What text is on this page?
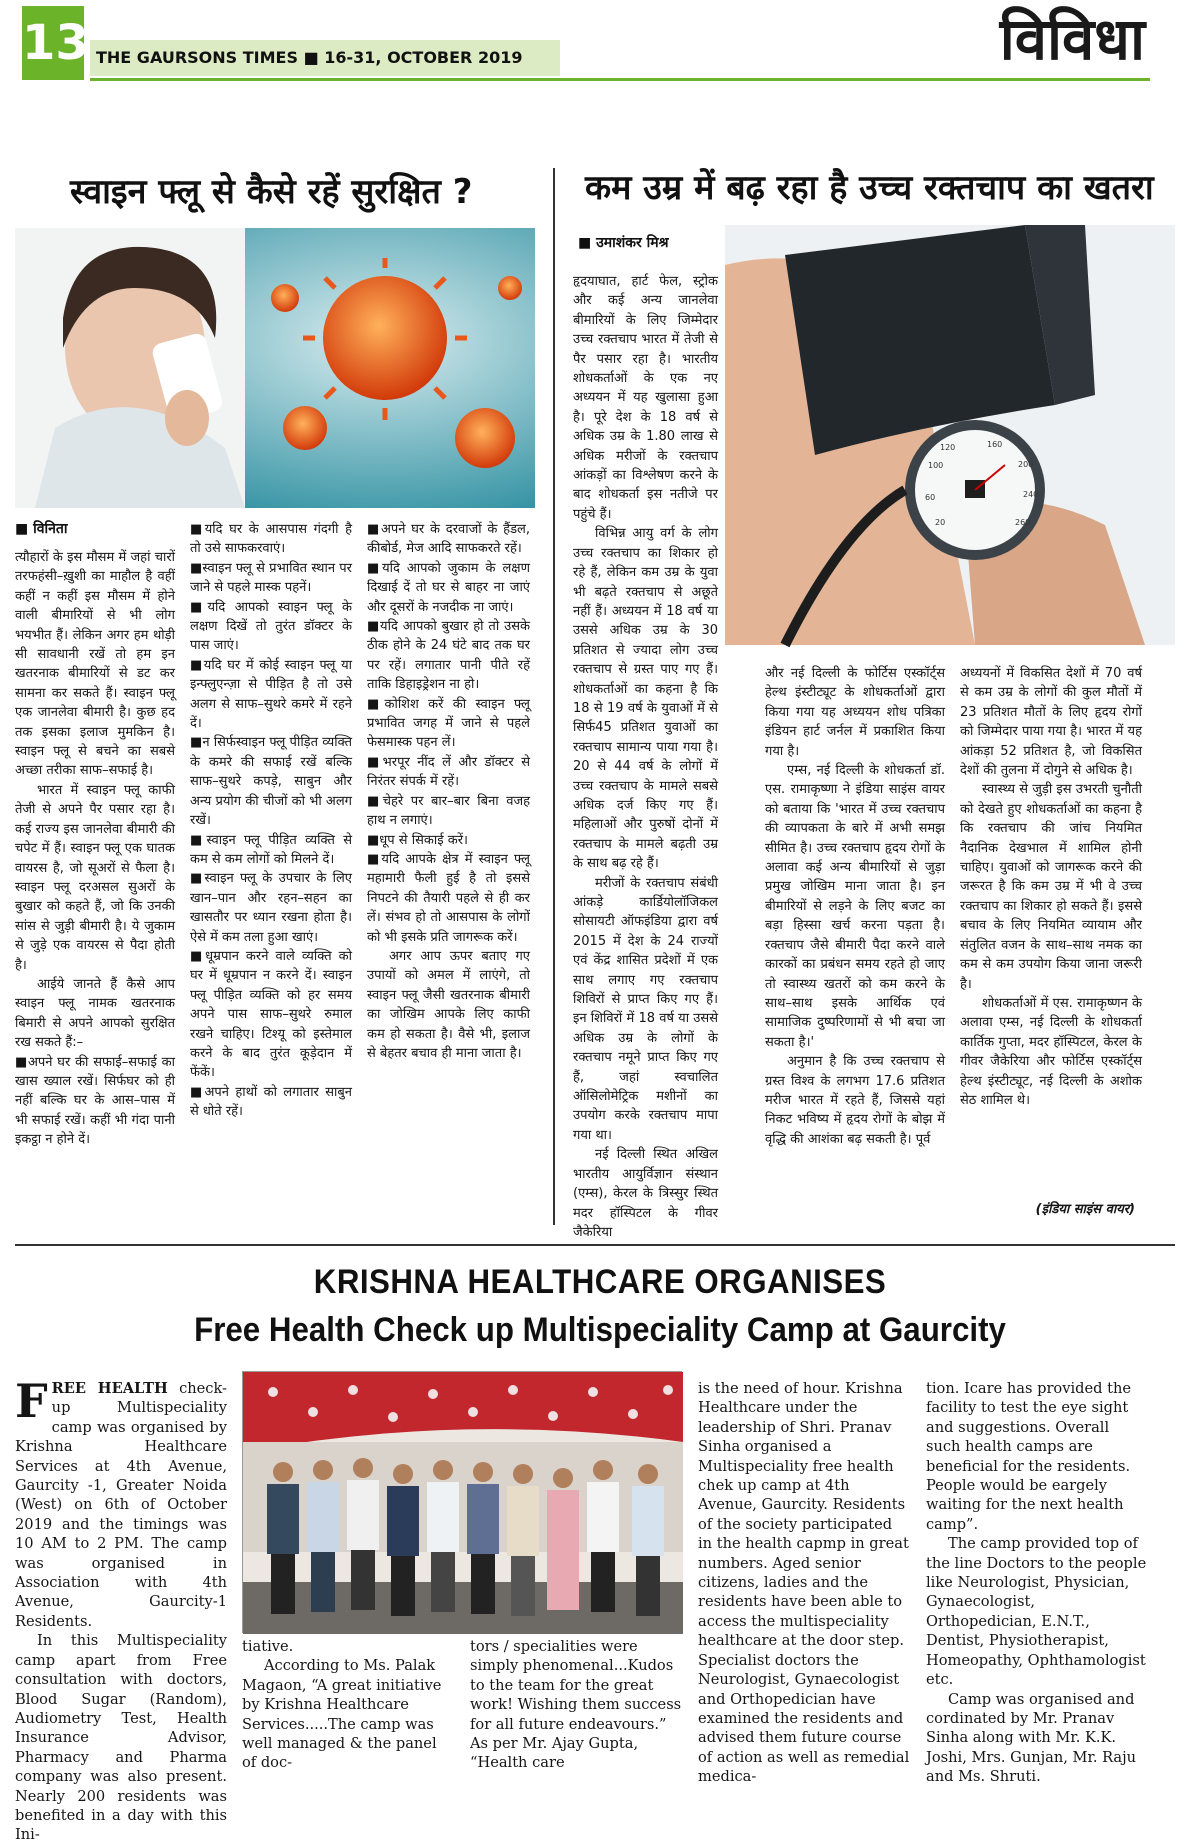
13 THE GAURSONS TIMES ■ 16-31, OCTOBER 2019	विविधा
स्वाइन फ्लू से कैसे रहें सुरक्षित ?
■ विनिता

त्यौहारों के इस मौसम में जहां चारों तरफहंसी–ख़ुशी का माहौल है वहीं कहीं न कहीं इस मौसम में होने वाली बीमारियों से भी लोग भयभीत हैं। लेकिन अगर हम थोड़ी सी सावधानी रखें तो हम इन खतरनाक बीमारियों से डट कर सामना कर सकते हैं। स्वाइन फ्लू एक जानलेवा बीमारी है। कुछ हद तक इसका इलाज मुमकिन है। स्वाइन फ्लू से बचने का सबसे अच्छा तरीका साफ–सफाई है।

भारत में स्वाइन फ्लू काफी तेजी से अपने पैर पसार रहा है। कई राज्य इस जानलेवा बीमारी की चपेट में हैं। स्वाइन फ्लू एक घातक वायरस है, जो सूअरों से फैला है। स्वाइन फ्लू दरअसल सुअरों के बुखार को कहते हैं, जो कि उनकी सांस से जुड़ी बीमारी है। ये जुकाम से जुड़े एक वायरस से पैदा होती है।

आईये जानते हैं कैसे आप स्वाइन फ्लू नामक खतरनाक बिमारी से अपने आपको सुरक्षित रख सकते हैं:–

■ अपने घर की सफाई–सफाई का खास ख्याल रखें। सिर्फघर को ही नहीं बल्कि घर के आस–पास में भी सफाई रखें। कहीं भी गंदा पानी इकट्ठा न होने दें।

■ यदि घर के आसपास गंदगी है तो उसे साफकरवाएं।

■ स्वाइन फ्लू से प्रभावित स्थान पर जाने से पहले मास्क पहनें।

■ यदि आपको स्वाइन फ्लू के लक्षण दिखें तो तुरंत डॉक्टर के पास जाएं।

■ यदि घर में कोई स्वाइन फ्लू या इन्फ्लुएन्ज़ा से पीड़ित है तो उसे अलग से साफ–सुथरे कमरे में रहने दें।

■ न सिर्फस्वाइन फ्लू पीड़ित व्यक्ति के कमरे की सफाई रखें बल्कि साफ–सुथरे कपड़े, साबुन और अन्य प्रयोग की चीजों को भी अलग रखें।

■ स्वाइन फ्लू पीड़ित व्यक्ति से कम से कम लोगों को मिलने दें।

■ स्वाइन फ्लू के उपचार के लिए खान–पान और रहन–सहन का खासतौर पर ध्यान रखना होता है। ऐसे में कम तला हुआ खाएं।

■ धूम्रपान करने वाले व्यक्ति को घर में धूम्रपान न करने दें। स्वाइन फ्लू पीड़ित व्यक्ति को हर समय अपने पास साफ–सुथरे रुमाल रखने चाहिए। टिश्यू को इस्तेमाल करने के बाद तुरंत कूड़ेदान में फेंकें।

■ अपने हाथों को लगातार साबुन से धोते रहें।

■ अपने घर के दरवाजों के हैंडल, कीबोर्ड, मेज आदि साफकरते रहें।

■ यदि आपको जुकाम के लक्षण दिखाई दें तो घर से बाहर ना जाएं और दूसरों के नजदीक ना जाएं।

■ यदि आपको बुखार हो तो उसके ठीक होने के 24 घंटे बाद तक घर पर रहें। लगातार पानी पीते रहें ताकि डिहाइड्रेशन ना हो।

■ कोशिश करें की स्वाइन फ्लू प्रभावित जगह में जाने से पहले फेसमास्क पहन लें।

■ भरपूर नींद लें और डॉक्टर से निरंतर संपर्क में रहें।

■ चेहरे पर बार–बार बिना वजह हाथ न लगाएं।

■ धूप से सिकाई करें।

■ यदि आपके क्षेत्र में स्वाइन फ्लू महामारी फैली हुई है तो इससे निपटने की तैयारी पहले से ही कर लें। संभव हो तो आसपास के लोगों को भी इसके प्रति जागरूक करें।

अगर आप ऊपर बताए गए उपायों को अमल में लाएंगे, तो स्वाइन फ्लू जैसी खतरनाक बीमारी का जोखिम आपके लिए काफी कम हो सकता है। वैसे भी, इलाज से बेहतर बचाव ही माना जाता है।

कम उम्र में बढ़ रहा है उच्च रक्तचाप का खतरा
■ उमाशंकर मिश्र
120	160
200
240
260
100
60
20

हृदयाघात, हार्ट फेल, स्ट्रोक और कई अन्य जानलेवा बीमारियों के लिए जिम्मेदार उच्च रक्तचाप भारत में तेजी से पैर पसार रहा है। भारतीय शोधकर्ताओं के एक नए अध्ययन में यह खुलासा हुआ है। पूरे देश के 18 वर्ष से अधिक उम्र के 1.80 लाख से अधिक मरीजों के रक्तचाप आंकड़ों का विश्लेषण करने के बाद शोधकर्ता इस नतीजे पर पहुंचे हैं।

विभिन्न आयु वर्ग के लोग उच्च रक्तचाप का शिकार हो रहे हैं, लेकिन कम उम्र के युवा भी बढ़ते रक्तचाप से अछूते नहीं हैं। अध्ययन में 18 वर्ष या उससे अधिक उम्र के 30 प्रतिशत से ज्यादा लोग उच्च रक्तचाप से ग्रस्त पाए गए हैं। शोधकर्ताओं का कहना है कि 18 से 19 वर्ष के युवाओं में से सिर्फ45 प्रतिशत युवाओं का रक्तचाप सामान्य पाया गया है। 20 से 44 वर्ष के लोगों में उच्च रक्तचाप के मामले सबसे अधिक दर्ज किए गए हैं। महिलाओं और पुरुषों दोनों में रक्तचाप के मामले बढ़ती उम्र के साथ बढ़ रहे हैं।

मरीजों के रक्तचाप संबंधी आंकड़े कार्डियोलॉजिकल सोसायटी ऑफइंडिया द्वारा वर्ष 2015 में देश के 24 राज्यों एवं केंद्र शासित प्रदेशों में एक साथ लगाए गए रक्तचाप शिविरों से प्राप्त किए गए हैं। इन शिविरों में 18 वर्ष या उससे अधिक उम्र के लोगों के रक्तचाप नमूने प्राप्त किए गए हैं, जहां स्वचालित ऑसिलोमेट्रिक मशीनों का उपयोग करके रक्तचाप मापा गया था।

नई दिल्ली स्थित अखिल भारतीय आयुर्विज्ञान संस्थान (एम्स), केरल के त्रिस्सुर स्थित मदर हॉस्पिटल के गीवर जैकेरिया

और नई दिल्ली के फोर्टिस एस्कॉर्ट्स हेल्थ इंस्टीट्यूट के शोधकर्ताओं द्वारा किया गया यह अध्ययन शोध पत्रिका इंडियन हार्ट जर्नल में प्रकाशित किया गया है।

एम्स, नई दिल्ली के शोधकर्ता डॉ. एस. रामाकृष्णा ने इंडिया साइंस वायर को बताया कि 'भारत में उच्च रक्तचाप की व्यापकता के बारे में अभी समझ सीमित है। उच्च रक्तचाप हृदय रोगों के अलावा कई अन्य बीमारियों से जुड़ा प्रमुख जोखिम माना जाता है। इन बीमारियों से लड़ने के लिए बजट का बड़ा हिस्सा खर्च करना पड़ता है। रक्तचाप जैसे बीमारी पैदा करने वाले कारकों का प्रबंधन समय रहते हो जाए तो स्वास्थ्य खतरों को कम करने के साथ–साथ इसके आर्थिक एवं सामाजिक दुष्परिणामों से भी बचा जा सकता है।'

अनुमान है कि उच्च रक्तचाप से ग्रस्त विश्व के लगभग 17.6 प्रतिशत मरीज भारत में रहते हैं, जिससे यहां निकट भविष्य में हृदय रोगों के बोझ में वृद्धि की आशंका बढ़ सकती है। पूर्व

अध्ययनों में विकसित देशों में 70 वर्ष से कम उम्र के लोगों की कुल मौतों में 23 प्रतिशत मौतों के लिए हृदय रोगों को जिम्मेदार पाया गया है। भारत में यह आंकड़ा 52 प्रतिशत है, जो विकसित देशों की तुलना में दोगुने से अधिक है।

स्वास्थ्य से जुड़ी इस उभरती चुनौती को देखते हुए शोधकर्ताओं का कहना है कि रक्तचाप की जांच नियमित नैदानिक देखभाल में शामिल होनी चाहिए। युवाओं को जागरूक करने की जरूरत है कि कम उम्र में भी वे उच्च रक्तचाप का शिकार हो सकते हैं। इससे बचाव के लिए नियमित व्यायाम और संतुलित वजन के साथ–साथ नमक का कम से कम उपयोग किया जाना जरूरी है।

शोधकर्ताओं में एस. रामाकृष्णन के अलावा एम्स, नई दिल्ली के शोधकर्ता कार्तिक गुप्ता, मदर हॉस्पिटल, केरल के गीवर जैकेरिया और फोर्टिस एस्कॉर्ट्स हेल्थ इंस्टीट्यूट, नई दिल्ली के अशोक सेठ शामिल थे।

(इंडिया साइंस वायर)
KRISHNA HEALTHCARE ORGANISES
Free Health Check up Multispeciality Camp at Gaurcity

FREE HEALTH check-up Multispeciality camp was organised by Krishna Healthcare Services at 4th Avenue, Gaurcity -1, Greater Noida (West) on 6th of October 2019 and the timings was 10 AM to 2 PM. The camp was organised in Association with 4th Avenue, Gaurcity-1 Residents.

In this Multispeciality camp apart from Free consultation with doctors, Blood Sugar (Random), Audiometry Test, Health Insurance Advisor, Pharmacy and Pharma company was also present. Nearly 200 residents was benefited in a day with this Ini-

tiative.

According to Ms. Palak Magaon, “A great initiative by Krishna Healthcare Services.....The camp was well managed & the panel of doc-

tors / specialities were simply phenomenal...Kudos to the team for the great work! Wishing them success for all future endeavours.” As per Mr. Ajay Gupta, “Health care

is the need of hour. Krishna Healthcare under the leadership of Shri. Pranav Sinha organised a Multispeciality free health chek up camp at 4th Avenue, Gaurcity. Residents of the society participated in the health capmp in great numbers. Aged senior citizens, ladies and the residents have been able to access the multispeciality healthcare at the door step. Specialist doctors the Neurologist, Gynaecologist and Orthopedician have examined the residents and advised them future course of action as well as remedial medica-

tion. Icare has provided the facility to test the eye sight and suggestions. Overall such health camps are beneficial for the residents. People would be eargely waiting for the next health camp”.

The camp provided top of the line Doctors to the people like Neurologist, Physician, Gynaecologist, Orthopedician, E.N.T., Dentist, Physiotherapist, Homeopathy, Ophthamologist etc.

Camp was organised and cordinated by Mr. Pranav Sinha along with Mr. K.K. Joshi, Mrs. Gunjan, Mr. Raju and Ms. Shruti.
